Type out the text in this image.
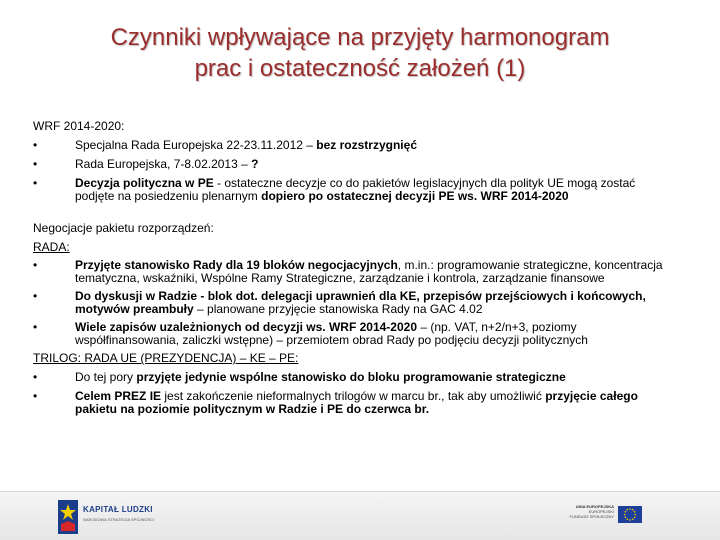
Czynniki wpływające na przyjęty harmonogram
prac i ostateczność założeń (1)

WRF 2014-2020:

•	Specjalna Rada Europejska 22-23.11.2012 – bez rozstrzygnięć
•	Rada Europejska, 7-8.02.2013 – ?
•	Decyzja polityczna w PE - ostateczne decyzje co do pakietów legislacyjnych dla polityk UE mogą zostać podjęte na posiedzeniu plenarnym dopiero po ostatecznej decyzji PE ws. WRF 2014-2020

Negocjacje pakietu rozporządzeń:

RADA:

•	Przyjęte stanowisko Rady dla 19 bloków negocjacyjnych, m.in.: programowanie strategiczne, koncentracja tematyczna, wskaźniki, Wspólne Ramy Strategiczne, zarządzanie i kontrola, zarządzanie finansowe
•	Do dyskusji w Radzie - blok dot. delegacji uprawnień dla KE, przepisów przejściowych i końcowych, motywów preambuły – planowane przyjęcie stanowiska Rady na GAC 4.02
•	Wiele zapisów uzależnionych od decyzji ws. WRF 2014-2020 – (np. VAT, n+2/n+3, poziomy współfinansowania, zaliczki wstępne) – przemiotem obrad Rady po podjęciu decyzji politycznych

TRILOG: RADA UE (PREZYDENCJA) – KE – PE:

•	Do tej pory przyjęte jedynie wspólne stanowisko do bloku programowanie strategiczne
•	Celem PREZ IE jest zakończenie nieformalnych trilogów w marcu br., tak aby umożliwić przyjęcie całego pakietu na poziomie politycznym w Radzie i PE do czerwca br.
KAPITAŁ LUDZKI
NARODOWA STRATEGIA SPÓJNOŚCI
UNIA EUROPEJSKA
EUROPEJSKI
FUNDUSZ SPOŁECZNY
